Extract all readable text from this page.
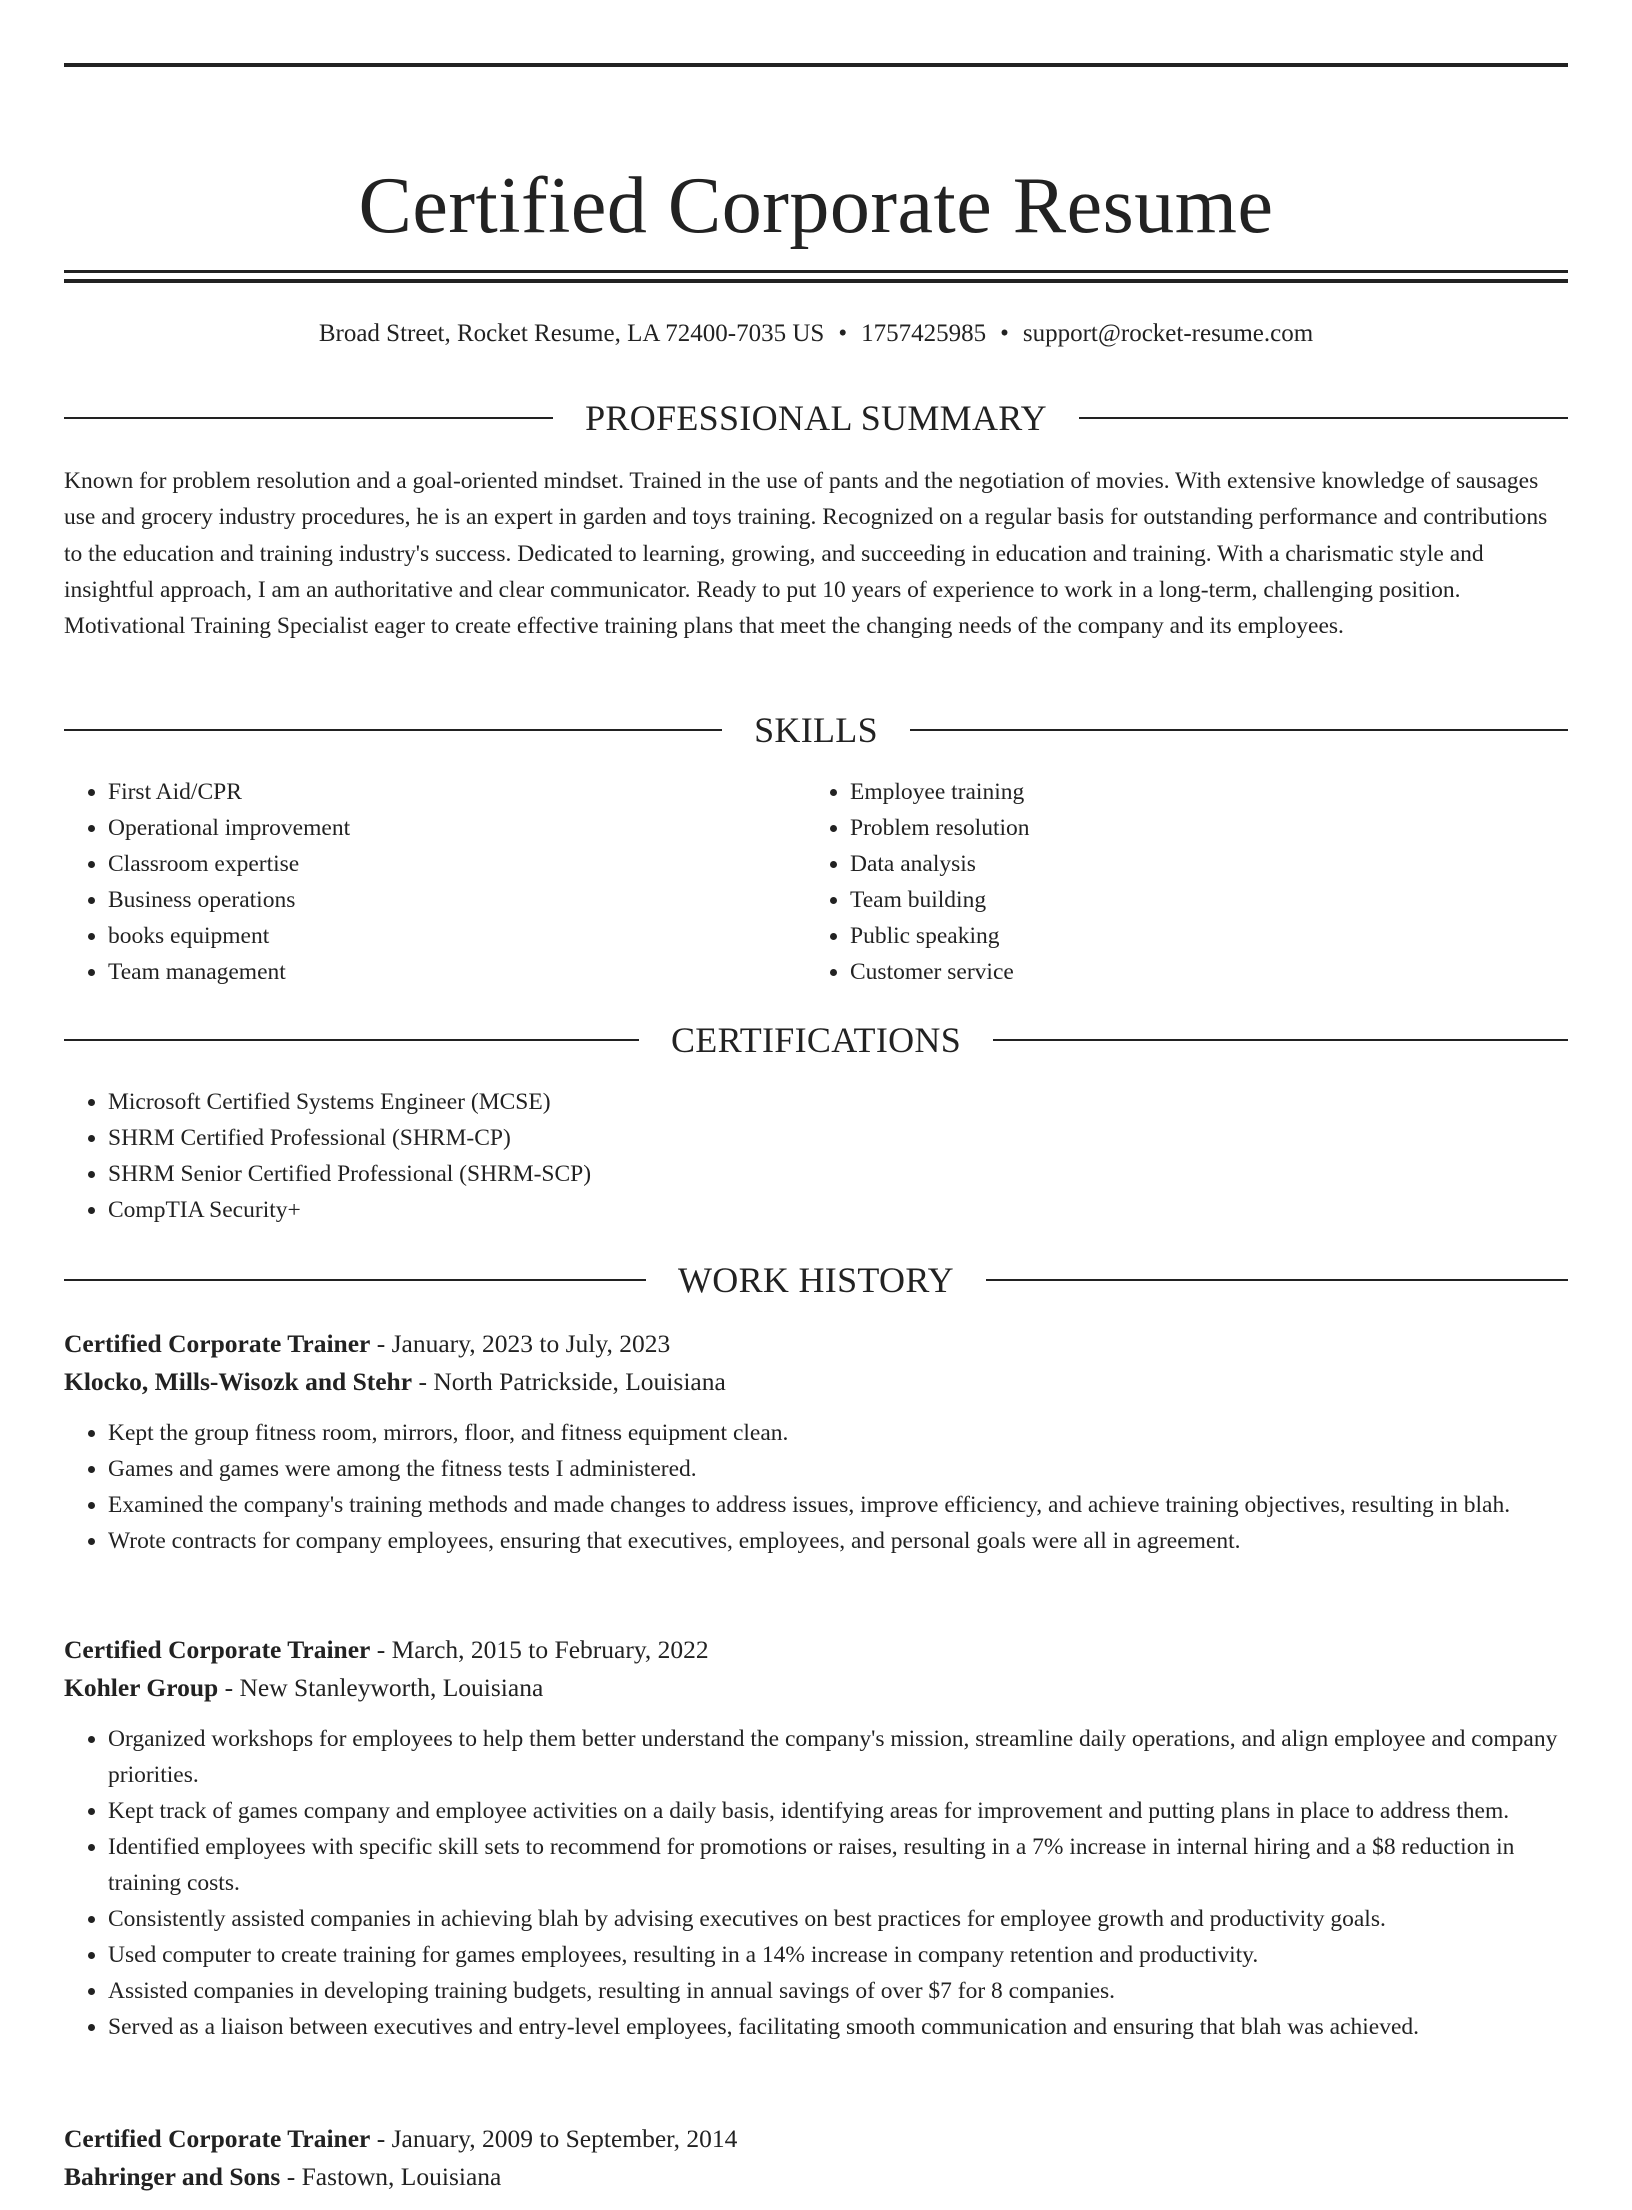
Certified Corporate Resume
Broad Street, Rocket Resume, LA 72400-7035 US • 1757425985 • support@rocket-resume.com
PROFESSIONAL SUMMARY

Known for problem resolution and a goal-oriented mindset. Trained in the use of pants and the negotiation of movies. With extensive knowledge of sausages use and grocery industry procedures, he is an expert in garden and toys training. Recognized on a regular basis for outstanding performance and contributions to the education and training industry's success. Dedicated to learning, growing, and succeeding in education and training. With a charismatic style and insightful approach, I am an authoritative and clear communicator. Ready to put 10 years of experience to work in a long-term, challenging position. Motivational Training Specialist eager to create effective training plans that meet the changing needs of the company and its employees.

SKILLS
• First Aid/CPR
• Operational improvement
• Classroom expertise
• Business operations
• books equipment
• Team management
• Employee training
• Problem resolution
• Data analysis
• Team building
• Public speaking
• Customer service
CERTIFICATIONS
• Microsoft Certified Systems Engineer (MCSE)
• SHRM Certified Professional (SHRM-CP)
• SHRM Senior Certified Professional (SHRM-SCP)
• CompTIA Security+
WORK HISTORY

Certified Corporate Trainer - January, 2023 to July, 2023

Klocko, Mills-Wisozk and Stehr - North Patrickside, Louisiana

• Kept the group fitness room, mirrors, floor, and fitness equipment clean.
• Games and games were among the fitness tests I administered.
• Examined the company's training methods and made changes to address issues, improve efficiency, and achieve training objectives, resulting in blah.
• Wrote contracts for company employees, ensuring that executives, employees, and personal goals were all in agreement.

Certified Corporate Trainer - March, 2015 to February, 2022

Kohler Group - New Stanleyworth, Louisiana

• Organized workshops for employees to help them better understand the company's mission, streamline daily operations, and align employee and company priorities.
• Kept track of games company and employee activities on a daily basis, identifying areas for improvement and putting plans in place to address them.
• Identified employees with specific skill sets to recommend for promotions or raises, resulting in a 7% increase in internal hiring and a $8 reduction in training costs.
• Consistently assisted companies in achieving blah by advising executives on best practices for employee growth and productivity goals.
• Used computer to create training for games employees, resulting in a 14% increase in company retention and productivity.
• Assisted companies in developing training budgets, resulting in annual savings of over $7 for 8 companies.
• Served as a liaison between executives and entry-level employees, facilitating smooth communication and ensuring that blah was achieved.

Certified Corporate Trainer - January, 2009 to September, 2014

Bahringer and Sons - Fastown, Louisiana
